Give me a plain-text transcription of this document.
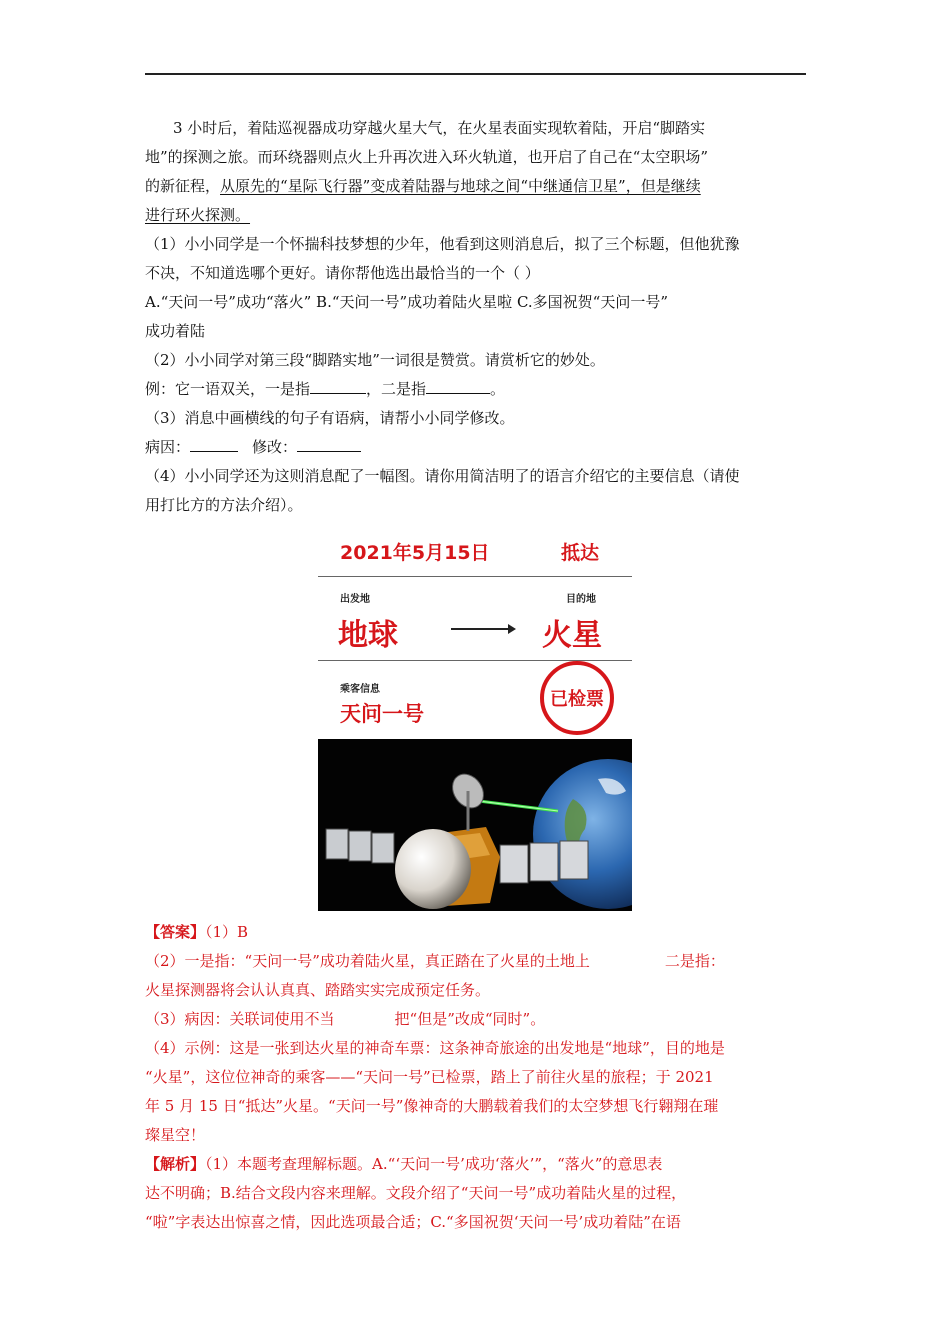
3 小时后，着陆巡视器成功穿越火星大气，在火星表面实现软着陆，开启“脚踏实
地”的探测之旅。而环绕器则点火上升再次进入环火轨道，也开启了自己在“太空职场”
的新征程，从原先的“星际飞行器”变成着陆器与地球之间“中继通信卫星”，但是继续
进行环火探测。
（1）小小同学是一个怀揣科技梦想的少年，他看到这则消息后，拟了三个标题，但他犹豫
不决，不知道选哪个更好。请你帮他选出最恰当的一个（ ）
A.“天问一号”成功“落火” B.“天问一号”成功着陆火星啦 C.多国祝贺“天问一号”
成功着陆
（2）小小同学对第三段“脚踏实地”一词很是赞赏。请赏析它的妙处。
例：它一语双关，一是指	，二是指	。
（3）消息中画横线的句子有语病，请帮小小同学修改。
病因：	修改：
（4）小小同学还为这则消息配了一幅图。请你用简洁明了的语言介绍它的主要信息（请使
用打比方的方法介绍）。
2021年5月15日	抵达
出发地	目的地
地球	火星
乘客信息
天问一号
已检票
【答案】（1）B
（2）一是指：“天问一号”成功着陆火星，真正踏在了火星的土地上	二是指：
火星探测器将会认认真真、踏踏实实完成预定任务。
（3）病因：关联词使用不当	把“但是”改成“同时”。
（4）示例：这是一张到达火星的神奇车票：这条神奇旅途的出发地是“地球”，目的地是
“火星”，这位位神奇的乘客——“天问一号”已检票，踏上了前往火星的旅程；于 2021
年 5 月 15 日“抵达”火星。“天问一号”像神奇的大鹏载着我们的太空梦想飞行翱翔在璀
璨星空！
【解析】（1）本题考查理解标题。A.“‘天问一号’成功‘落火’”，“落火”的意思表
达不明确；B.结合文段内容来理解。文段介绍了“天问一号”成功着陆火星的过程，
“啦”字表达出惊喜之情，因此选项最合适；C.“多国祝贺‘天问一号’成功着陆”在语
